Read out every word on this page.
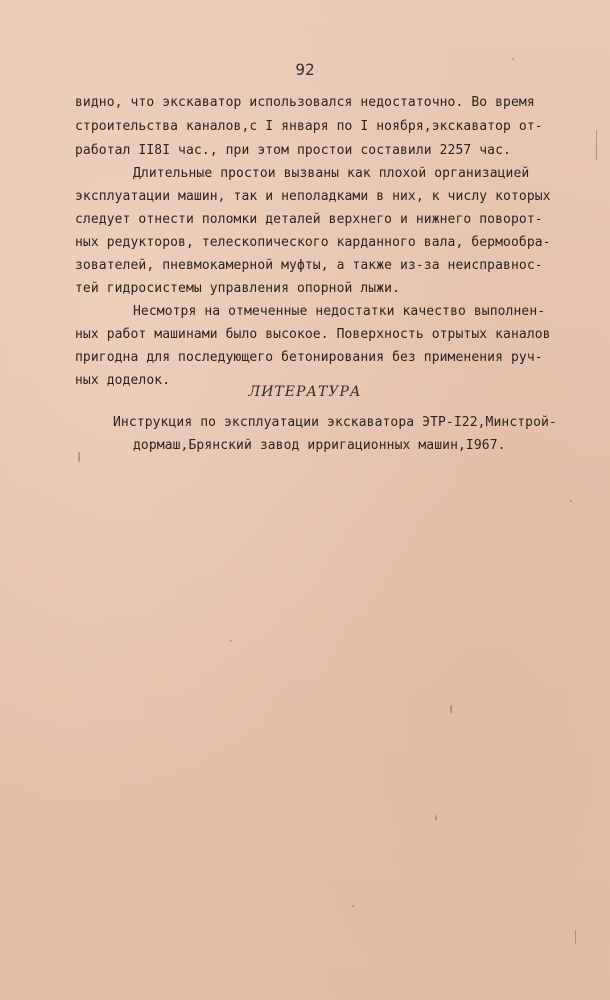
92

видно, что экскаватор использовался недостаточно. Во время

строительства каналов,с I января по I ноября,экскаватор от-

работал II8I час., при этом простои составили 2257 час.

Длительные простои вызваны как плохой организацией

эксплуатации машин, так и неполадками в них, к числу которых

следует отнести поломки деталей верхнего и нижнего поворот-

ных редукторов, телескопического карданного вала, бермообра-

зователей, пневмокамерной муфты, а также из-за неисправнос-

тей гидросистемы управления опорной лыжи.

Несмотря на отмеченные недостатки качество выполнен-

ных работ машинами было высокое. Поверхность отрытых каналов

пригодна для последующего бетонирования без применения руч-

ных доделок.

ЛИТЕРАТУРА

Инструкция по эксплуатации экскаватора ЭТР-I22,Минстрой-

дормаш,Брянский завод ирригационных машин,I967.
